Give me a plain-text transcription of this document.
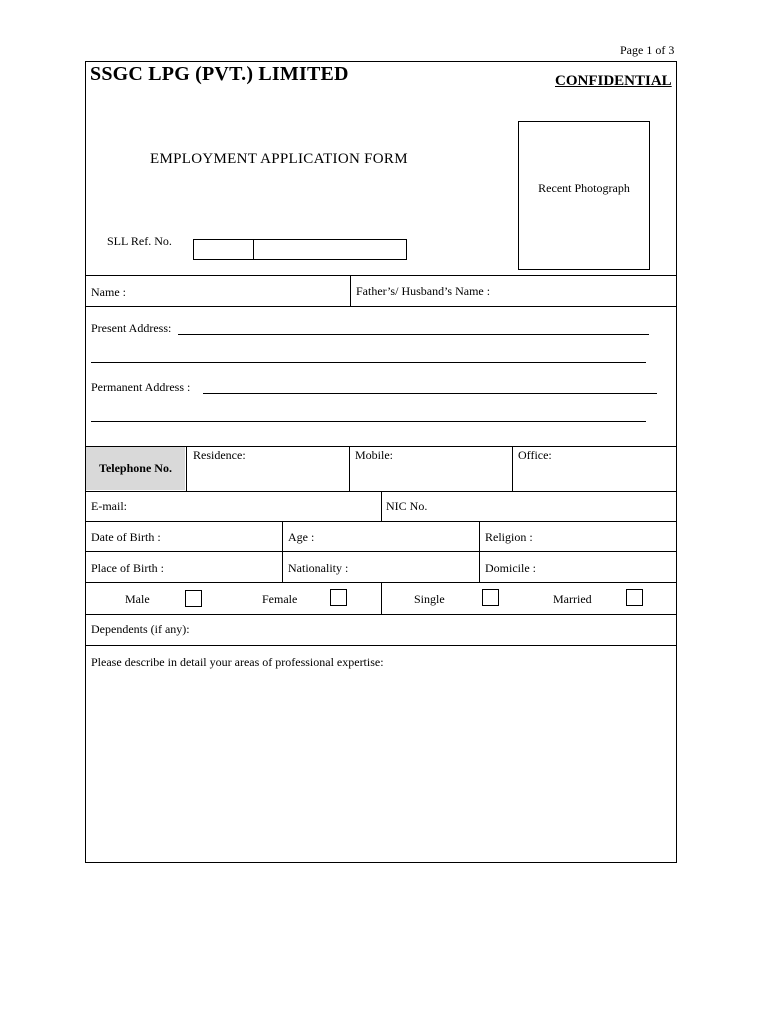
Page 1 of 3
SSGC LPG (PVT.) LIMITED	CONFIDENTIAL
EMPLOYMENT APPLICATION FORM
Recent Photograph
SLL Ref. No.
Name :	Father’s/ Husband’s Name :
Present Address:
Permanent Address :
Telephone No.
Residence:	Mobile:	Office:
E-mail:	NIC No.
Date of Birth :	Age :	Religion :
Place of Birth :	Nationality :	Domicile :
Male	Female	Single	Married
Dependents (if any):
Please describe in detail your areas of professional expertise:
